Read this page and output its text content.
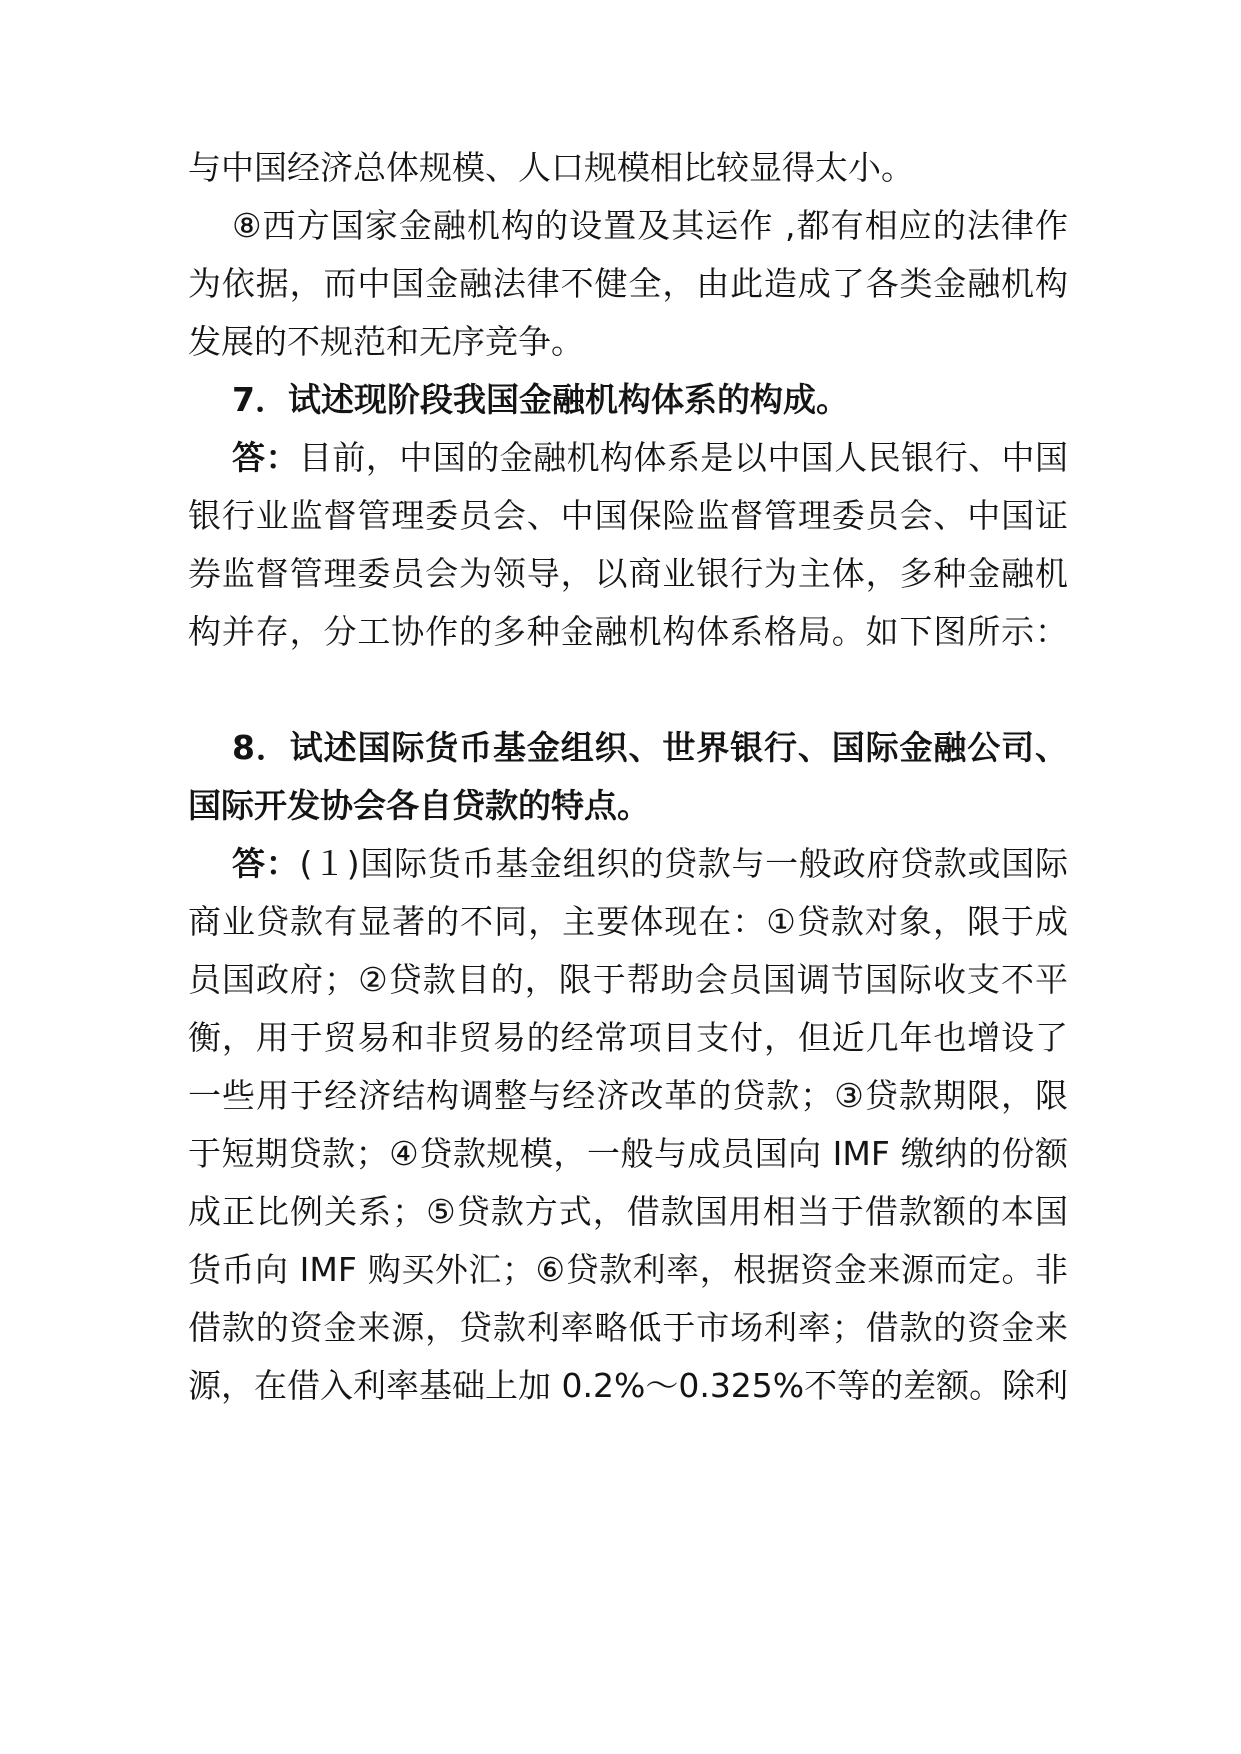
与中国经济总体规模、人口规模相比较显得太小。
⑧西方国家金融机构的设置及其运作 ,都有相应的法律作
为依据，而中国金融法律不健全，由此造成了各类金融机构
发展的不规范和无序竞争。
7．试述现阶段我国金融机构体系的构成。
答：目前，中国的金融机构体系是以中国人民银行、中国
银行业监督管理委员会、中国保险监督管理委员会、中国证
券监督管理委员会为领导，以商业银行为主体，多种金融机
构并存，分工协作的多种金融机构体系格局。如下图所示：
8．试述国际货币基金组织、世界银行、国际金融公司、
国际开发协会各自贷款的特点。
答：(１)国际货币基金组织的贷款与一般政府贷款或国际
商业贷款有显著的不同，主要体现在：①贷款对象，限于成
员国政府；②贷款目的，限于帮助会员国调节国际收支不平
衡，用于贸易和非贸易的经常项目支付，但近几年也增设了
一些用于经济结构调整与经济改革的贷款；③贷款期限，限
于短期贷款；④贷款规模，一般与成员国向 IMF 缴纳的份额
成正比例关系；⑤贷款方式，借款国用相当于借款额的本国
货币向 IMF 购买外汇；⑥贷款利率，根据资金来源而定。非
借款的资金来源，贷款利率略低于市场利率；借款的资金来
源，在借入利率基础上加 0.2%～0.325%不等的差额。除利
